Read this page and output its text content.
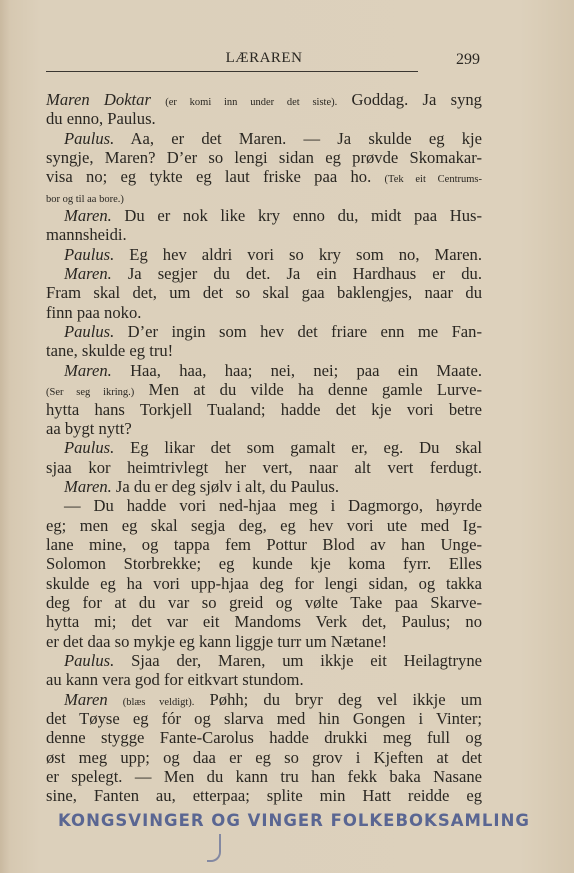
LÆRAREN	299
Maren Doktar (er komi inn under det siste). Goddag. Ja syng
du enno, Paulus.
Paulus. Aa, er det Maren. — Ja skulde eg kje
syngje, Maren? D’er so lengi sidan eg prøvde Skomakar-
visa no; eg tykte eg laut friske paa ho. (Tek eit Centrums-
bor og til aa bore.)
Maren. Du er nok like kry enno du, midt paa Hus-
mannsheidi.
Paulus. Eg hev aldri vori so kry som no, Maren.
Maren. Ja segjer du det. Ja ein Hardhaus er du.
Fram skal det, um det so skal gaa baklengjes, naar du
finn paa noko.
Paulus. D’er ingin som hev det friare enn me Fan-
tane, skulde eg tru!
Maren. Haa, haa, haa; nei, nei; paa ein Maate.
(Ser seg ikring.) Men at du vilde ha denne gamle Lurve-
hytta hans Torkjell Tualand; hadde det kje vori betre
aa bygt nytt?
Paulus. Eg likar det som gamalt er, eg. Du skal
sjaa kor heimtrivlegt her vert, naar alt vert ferdugt.
Maren. Ja du er deg sjølv i alt, du Paulus.
— Du hadde vori ned-hjaa meg i Dagmorgo, høyrde
eg; men eg skal segja deg, eg hev vori ute med Ig-
lane mine, og tappa fem Pottur Blod av han Unge-
Solomon Storbrekke; eg kunde kje koma fyrr. Elles
skulde eg ha vori upp-hjaa deg for lengi sidan, og takka
deg for at du var so greid og vølte Take paa Skarve-
hytta mi; det var eit Mandoms Verk det, Paulus; no
er det daa so mykje eg kann liggje turr um Nætane!
Paulus. Sjaa der, Maren, um ikkje eit Heilagtryne
au kann vera god for eitkvart stundom.
Maren (blæs veldigt). Pøhh; du bryr deg vel ikkje um
det Tøyse eg fór og slarva med hin Gongen i Vinter;
denne stygge Fante-Carolus hadde drukki meg full og
øst meg upp; og daa er eg so grov i Kjeften at det
er spelegt. — Men du kann tru han fekk baka Nasane
sine, Fanten au, etterpaa; splite min Hatt reidde eg
KONGSVINGER OG VINGER FOLKEBOKSAMLING
